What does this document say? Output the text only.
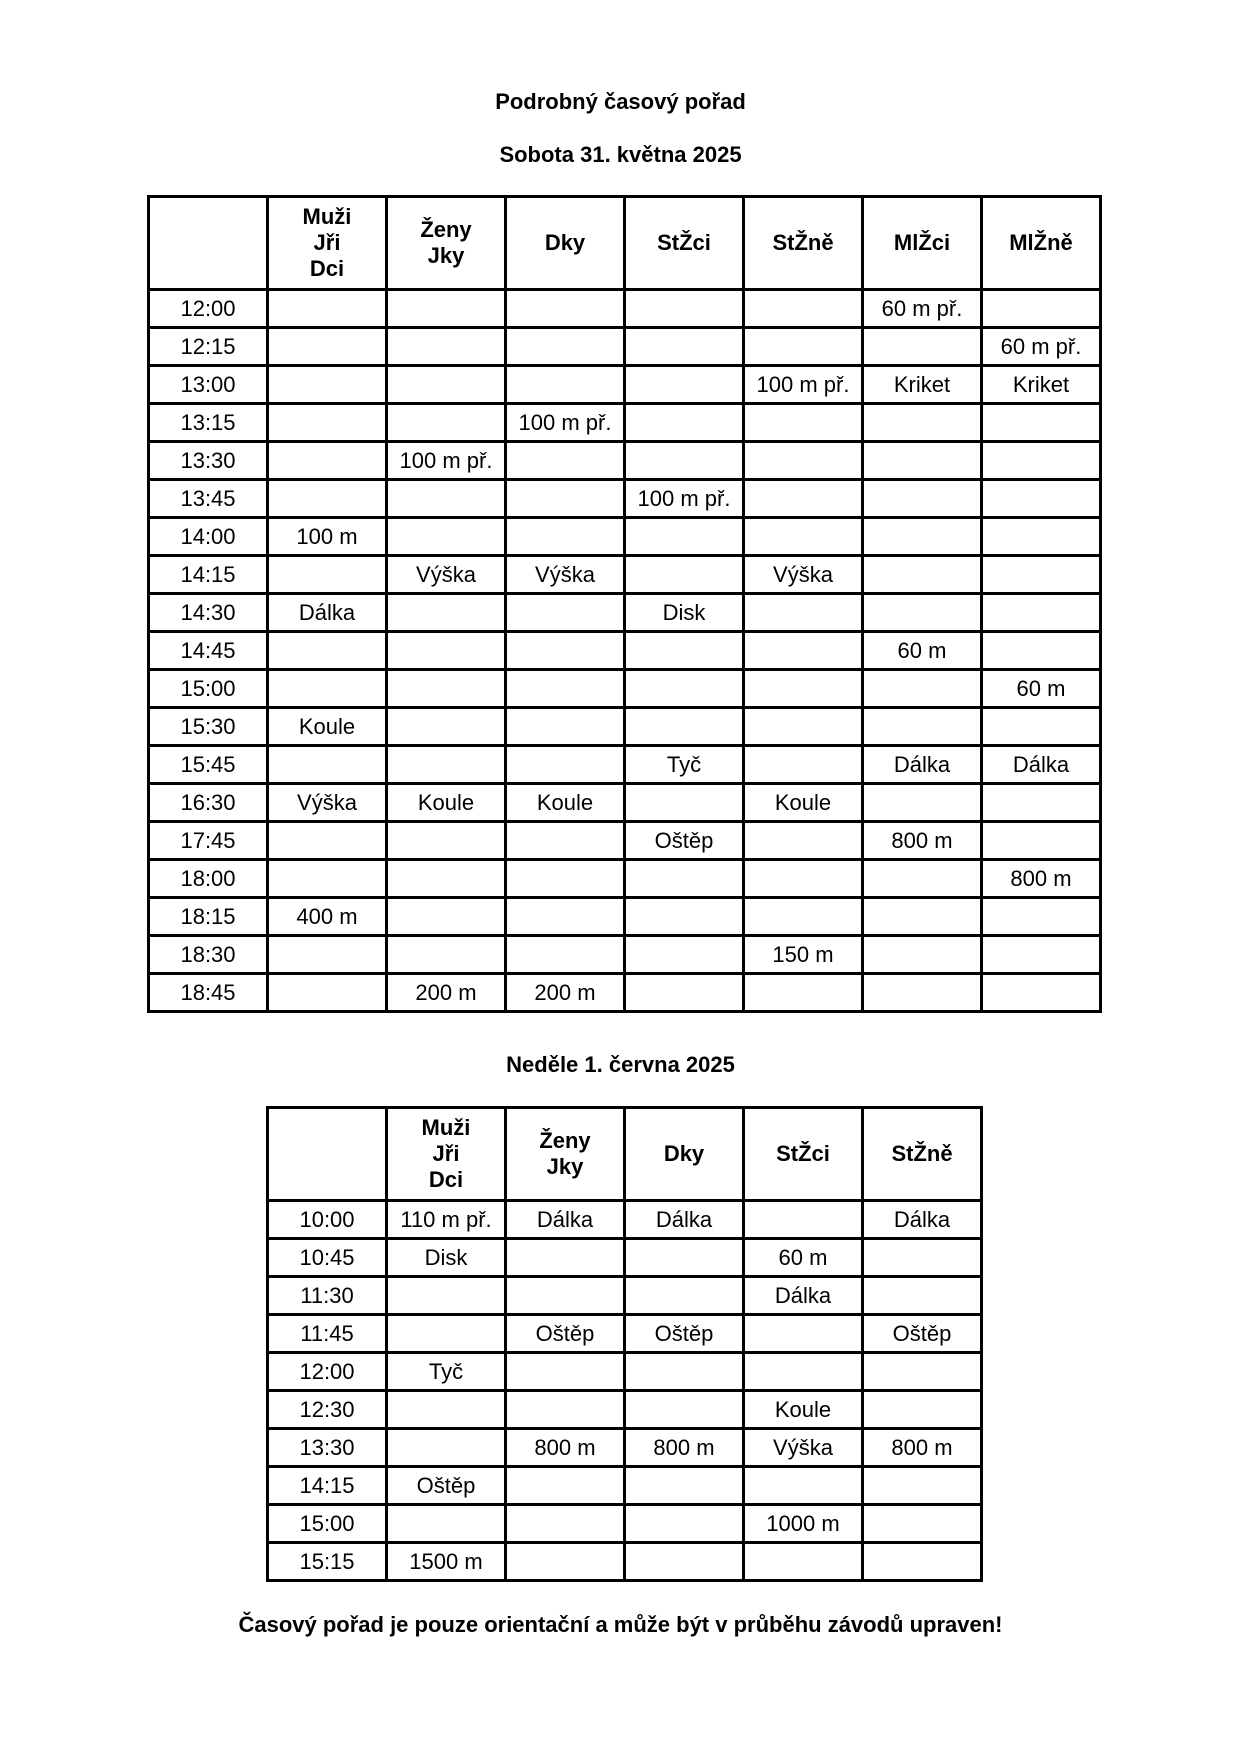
Podrobný časový pořad
Sobota 31. května 2025

	Muži
Jři
Dci	Ženy
Jky	Dky	StŽci	StŽně	MlŽci	MlŽně

12:00						60 m př.	
12:15							60 m př.
13:00					100 m př.	Kriket	Kriket
13:15			100 m př.				
13:30		100 m př.					
13:45				100 m př.			
14:00	100 m						
14:15		Výška	Výška		Výška		
14:30	Dálka			Disk			
14:45						60 m	
15:00							60 m
15:30	Koule						
15:45				Tyč		Dálka	Dálka
16:30	Výška	Koule	Koule		Koule		
17:45				Oštěp		800 m	
18:00							800 m
18:15	400 m						
18:30					150 m		
18:45		200 m	200 m				
Neděle 1. června 2025

	Muži
Jři
Dci	Ženy
Jky	Dky	StŽci	StŽně

10:00	110 m př.	Dálka	Dálka		Dálka
10:45	Disk			60 m	
11:30				Dálka	
11:45		Oštěp	Oštěp		Oštěp
12:00	Tyč				
12:30				Koule	
13:30		800 m	800 m	Výška	800 m
14:15	Oštěp				
15:00				1000 m	
15:15	1500 m				
Časový pořad je pouze orientační a může být v průběhu závodů upraven!
